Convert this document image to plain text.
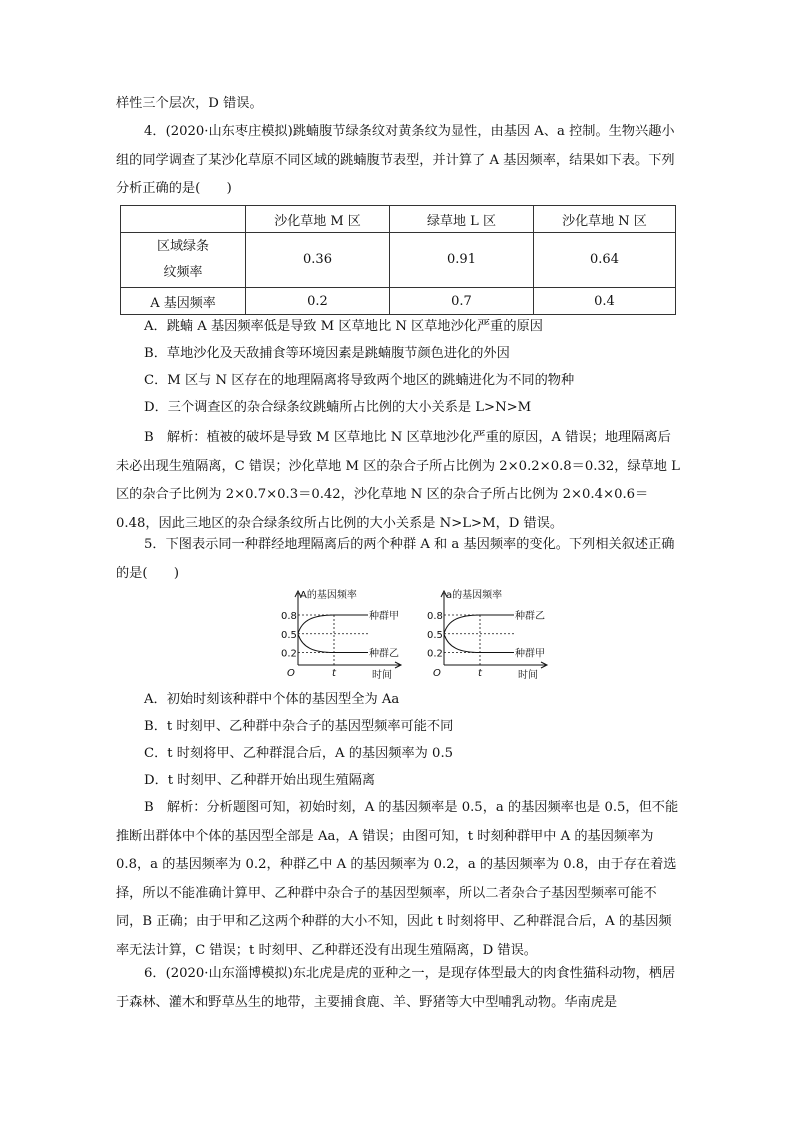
样性三个层次，D 错误。

4．(2020·山东枣庄模拟)跳蝻腹节绿条纹对黄条纹为显性，由基因 A、a 控制。生物兴趣小组的同学调查了某沙化草原不同区域的跳蝻腹节表型，并计算了 A 基因频率，结果如下表。下列分析正确的是(　　)

	沙化草地 M 区	绿草地 L 区	沙化草地 N 区

区域绿条
纹频率	0.36	0.91	0.64
A 基因频率	0.2	0.7	0.4

A．跳蝻 A 基因频率低是导致 M 区草地比 N 区草地沙化严重的原因

B．草地沙化及天敌捕食等环境因素是跳蝻腹节颜色进化的外因

C．M 区与 N 区存在的地理隔离将导致两个地区的跳蝻进化为不同的物种

D．三个调查区的杂合绿条纹跳蝻所占比例的大小关系是 L>N>M

B　解析：植被的破坏是导致 M 区草地比 N 区草地沙化严重的原因，A 错误；地理隔离后未必出现生殖隔离，C 错误；沙化草地 M 区的杂合子所占比例为 2×0.2×0.8＝0.32，绿草地 L 区的杂合子比例为 2×0.7×0.3＝0.42，沙化草地 N 区的杂合子所占比例为 2×0.4×0.6＝0.48，因此三地区的杂合绿条纹所占比例的大小关系是 N>L>M，D 错误。

5．下图表示同一种群经地理隔离后的两个种群 A 和 a 基因频率的变化。下列相关叙述正确的是(　　)

A的基因频率
时间
O	t
0.8
0.5
0.2
种群甲
种群乙
a的基因频率
时间
O	t
0.8
0.5
0.2
种群乙
种群甲

A．初始时刻该种群中个体的基因型全为 Aa

B．t 时刻甲、乙种群中杂合子的基因型频率可能不同

C．t 时刻将甲、乙种群混合后，A 的基因频率为 0.5

D．t 时刻甲、乙种群开始出现生殖隔离

B　解析：分析题图可知，初始时刻，A 的基因频率是 0.5，a 的基因频率也是 0.5，但不能推断出群体中个体的基因型全部是 Aa，A 错误；由图可知，t 时刻种群甲中 A 的基因频率为 0.8，a 的基因频率为 0.2，种群乙中 A 的基因频率为 0.2，a 的基因频率为 0.8，由于存在着选择，所以不能准确计算甲、乙种群中杂合子的基因型频率，所以二者杂合子基因型频率可能不同，B 正确；由于甲和乙这两个种群的大小不知，因此 t 时刻将甲、乙种群混合后，A 的基因频率无法计算，C 错误；t 时刻甲、乙种群还没有出现生殖隔离，D 错误。

6．(2020·山东淄博模拟)东北虎是虎的亚种之一，是现存体型最大的肉食性猫科动物，栖居于森林、灌木和野草丛生的地带，主要捕食鹿、羊、野猪等大中型哺乳动物。华南虎是
